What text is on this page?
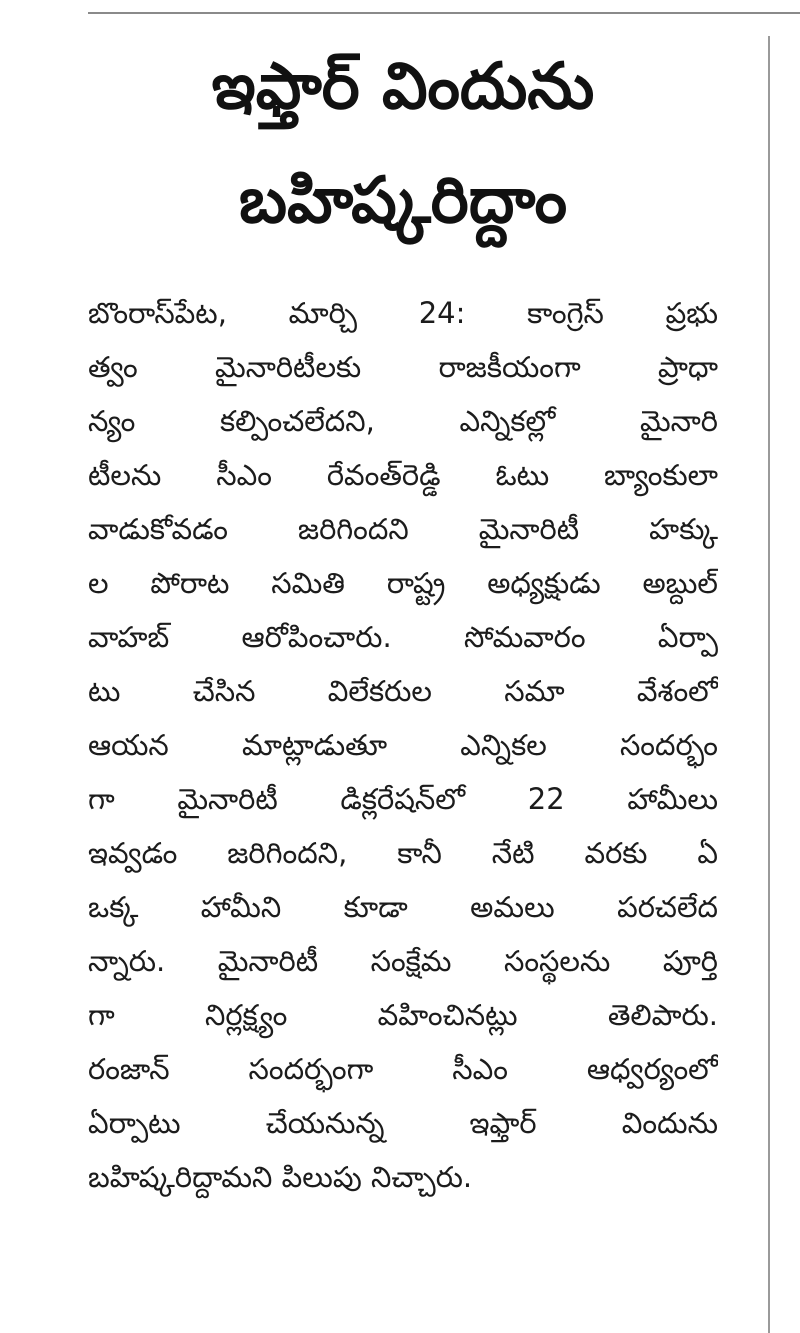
ఇఫ్తార్ విందును
బహిష్కరిద్దాం
బొంరాస్‌పేట, మార్చి 24: కాంగ్రెస్ ప్రభు
త్వం మైనారిటీలకు రాజకీయంగా ప్రాధా
న్యం కల్పించలేదని, ఎన్నికల్లో మైనారి
టీలను సీఎం రేవంత్‌రెడ్డి ఓటు బ్యాంకులా
వాడుకోవడం జరిగిందని మైనారిటీ హక్కు
ల పోరాట సమితి రాష్ట్ర అధ్యక్షుడు అబ్దుల్
వాహబ్ ఆరోపించారు. సోమవారం ఏర్పా
టు చేసిన విలేకరుల సమా వేశంలో
ఆయన మాట్లాడుతూ ఎన్నికల సందర్భం
గా మైనారిటీ డిక్లరేషన్‌లో 22 హామీలు
ఇవ్వడం జరిగిందని, కానీ నేటి వరకు ఏ
ఒక్క హామీని కూడా అమలు పరచలేద
న్నారు. మైనారిటీ సంక్షేమ సంస్థలను పూర్తి
గా నిర్లక్ష్యం వహించినట్లు తెలిపారు.
రంజాన్ సందర్భంగా సీఎం ఆధ్వర్యంలో
ఏర్పాటు చేయనున్న ఇఫ్తార్ విందును
బహిష్కరిద్దామని పిలుపు నిచ్చారు.
